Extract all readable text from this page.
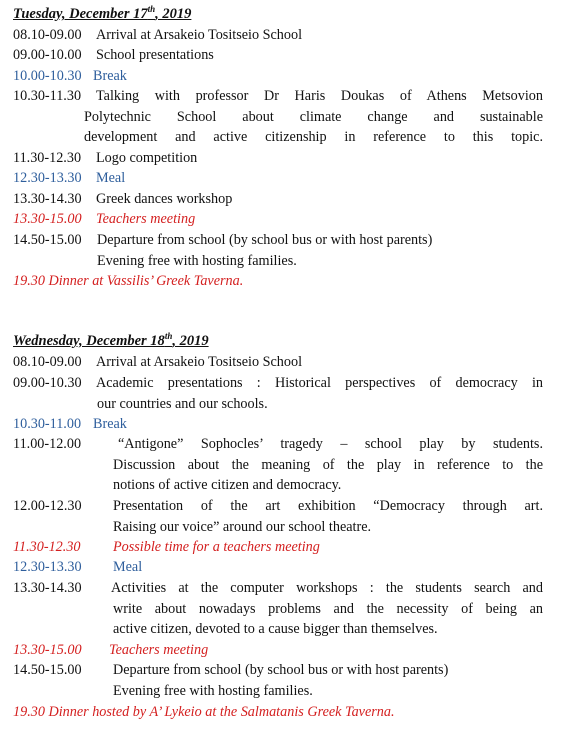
Tuesday, December 17th, 2019
08.10-09.00 Arrival at Arsakeio Tositseio School
09.00-10.00 School presentations
10.00-10.30 Break
10.30-11.30 Talking with professor Dr Haris Doukas of Athens Metsovion
Polytechnic School about climate change and sustainable
development and active citizenship in reference to this topic.
11.30-12.30 Logo competition
12.30-13.30 Meal
13.30-14.30 Greek dances workshop
13.30-15.00 Teachers meeting
14.50-15.00 Departure from school (by school bus or with host parents)
Evening free with hosting families.
19.30 Dinner at Vassilis’ Greek Taverna.
Wednesday, December 18th, 2019
08.10-09.00 Arrival at Arsakeio Tositseio School
09.00-10.30 Academic presentations : Historical perspectives of democracy in
our countries and our schools.
10.30-11.00 Break
11.00-12.00	“Antigone” Sophocles’ tragedy – school play by students.
Discussion about the meaning of the play in reference to the
notions of active citizen and democracy.
12.00-12.30 Presentation of the art exhibition “Democracy through art.
Raising our voice” around our school theatre.
11.30-12.30 Possible time for a teachers meeting
12.30-13.30 Meal
13.30-14.30 Activities at the computer workshops : the students search and
write about nowadays problems and the necessity of being an
active citizen, devoted to a cause bigger than themselves.
13.30-15.00 Teachers meeting
14.50-15.00 Departure from school (by school bus or with host parents)
Evening free with hosting families.
19.30 Dinner hosted by A’ Lykeio at the Salmatanis Greek Taverna.
